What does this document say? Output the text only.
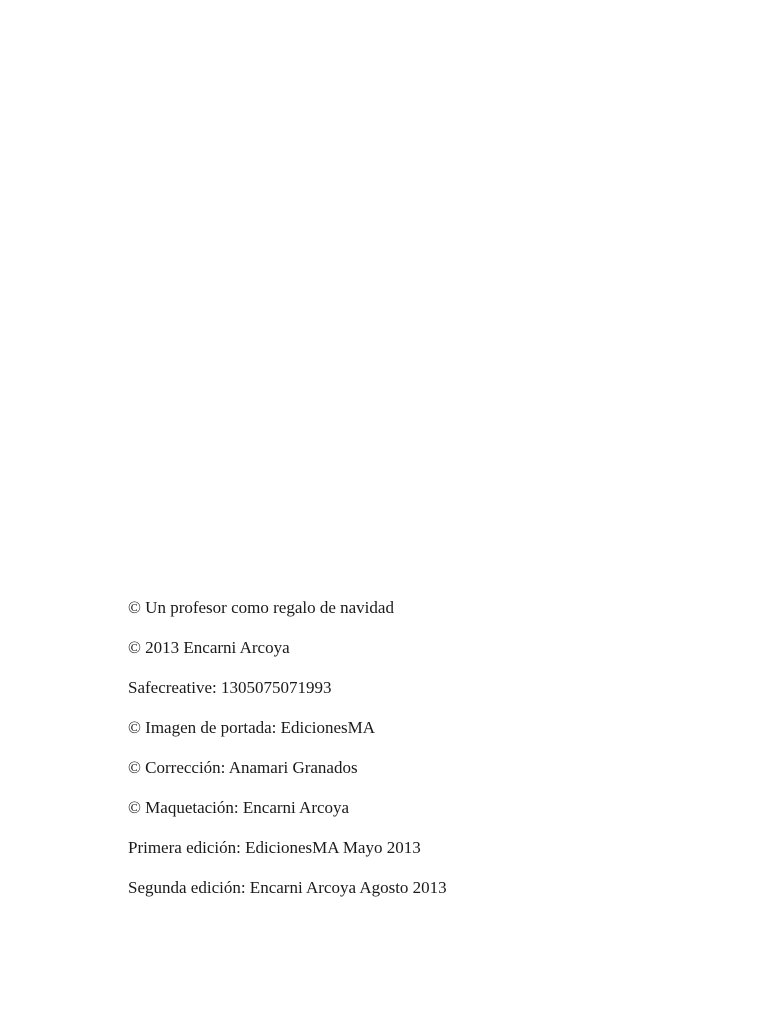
© Un profesor como regalo de navidad

© 2013 Encarni Arcoya

Safecreative: 1305075071993

© Imagen de portada: EdicionesMA

© Corrección: Anamari Granados

© Maquetación: Encarni Arcoya

Primera edición: EdicionesMA Mayo 2013

Segunda edición: Encarni Arcoya Agosto 2013
